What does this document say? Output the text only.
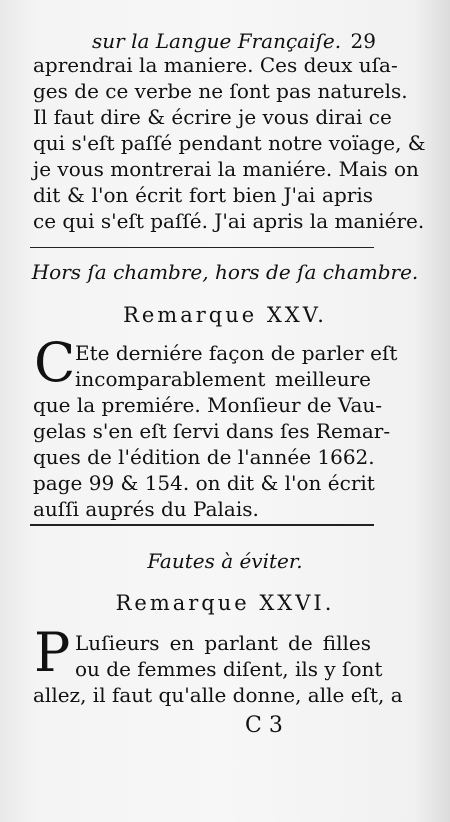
sur la Langue Françaiſe. 29
aprendrai la maniere. Ces deux uſa-
ges de ce verbe ne ſont pas naturels.
Il faut dire & écrire je vous dirai ce
qui s'eſt paſſé pendant notre voïage, &
je vous montrerai la maniére. Mais on
dit & l'on écrit fort bien J'ai apris
ce qui s'eſt paſſé. J'ai apris la maniére.
Hors ſa chambre, hors de ſa chambre.
Remarque XXV.
C Ete derniére façon de parler eſt
incomparablement meilleure
que la premiére. Monſieur de Vau-
gelas s'en eſt ſervi dans ſes Remar-
ques de l'édition de l'année 1662.
page 99 & 154. on dit & l'on écrit
auſſi auprés du Palais.
Fautes à éviter.
Remarque XXVI.
P Luſieurs en parlant de filles
ou de femmes diſent, ils y ſont
allez, il faut qu'alle donne, alle eſt, a
C 3
